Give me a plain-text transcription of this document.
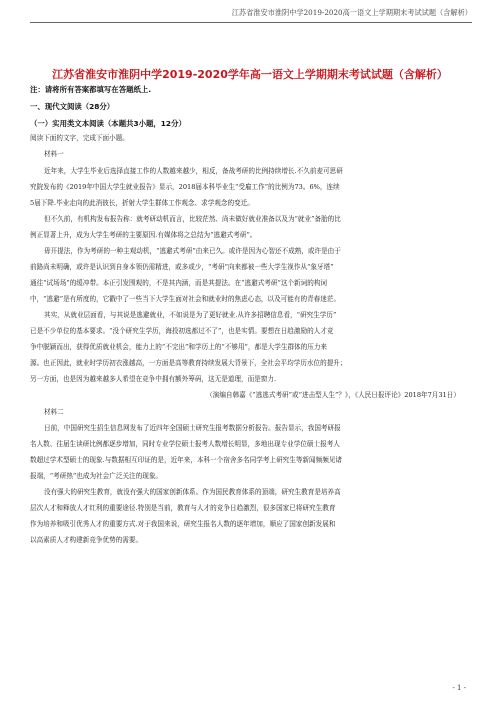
江苏省淮安市淮阴中学2019-2020高一语文上学期期末考试试题（含解析）
江苏省淮安市淮阴中学2019-2020学年高一语文上学期期末考试试题（含解析）
注：请将所有答案都填写在答题纸上.
一、现代文阅读（28分）
（一）实用类文本阅读（本题共3小题，12分）
阅读下面的文字，完成下面小题。
材料一
近年来，大学生毕业后选择直接工作的人数越来越少，相反，备战考研的比例持续增长.不久前麦可思研
究院发布的《2019年中国大学生就业报告》显示，2018届本科毕业生“受雇工作”的比例为73。6%，连续
5届下降.毕业走向的此消彼长，折射大学生群体工作观念、求学观念的变迁。
但不久前，有机构发布报告称：就考研动机而言，比较茫然、尚未做好就业准备以及为“就业”备胎的比
例正显著上升，成为大学生考研的主要原因.有媒体将之总结为“逃避式考研”。
毋开提法，作为考研的一种主观动机，“逃避式考研”由来已久。或许是因为心智还不成熟，或许是由于
前路尚未明确，或许是认识到自身本领仍需精进，或多或少，“考研”向来都被一些大学生视作从“象牙塔”
通往“试场场”的缓冲带。本正引发围观的，不是其内涵，而是其提法。在“逃避式考研”这个新词的构词
中，“逃避”是有所度的，它戳中了一些当下大学生面对社会和就业时的焦虑心态，以及可能有的青春迷茫。
其实，从就业层面看，与其说是逃避就业，不如说是为了更好就业.从许多招聘信息看，“研究生学历”
已是不少单位的基本要求。“没个研究生学历，海投初选都过不了”，也是实情。要想在日趋激励的人才竞
争中脱颖而出，获得优质就业机会，能力上的“不完出”和学历上的“不够用”，都是大学生群体的压力来
源。也正因此，就业时学历初衣涨越高，一方面是高等教育持续发展大背景下，全社会平均学历水位的提升；
另一方面，也是因为越来越多人希望在竞争中拥有额外筹码，这无是道理，而是窗力.
（演编自韩嘉《“逃逃式考研”或“进击型人生”？》，《人民日报评论》2018年7月31日）
材料二
日前，中国研究生招生信息网发布了近四年全国硕士研究生报考数据分析报告。报告显示，我国考研报
名人数、往届生读研比例都逐步增加，同时专业学位硕士报考人数增长明显，多地出现专业学位硕士报考人
数超过学术型硕士的现象.与数据相互印证的是，近年来，本科一个宿舍多名同学考上研究生等新闻频频见诸
报端，“考研热”也成为社会广泛关注的现象。
没有强大的研究生教育，就没有强大的国家创新体系。作为国民教育体系的顶端，研究生教育是培养高
层次人才和释放人才红利的重要途径.特别是当前，教育与人才的竞争日趋激烈，很多国家已将研究生教育
作为培养和吸引优秀人才的重要方式.对于我国来说，研究生报名人数的逐年增加，顺应了国家创新发展和
以高素质人才构建新竞争优势的需要。
- 1 -
